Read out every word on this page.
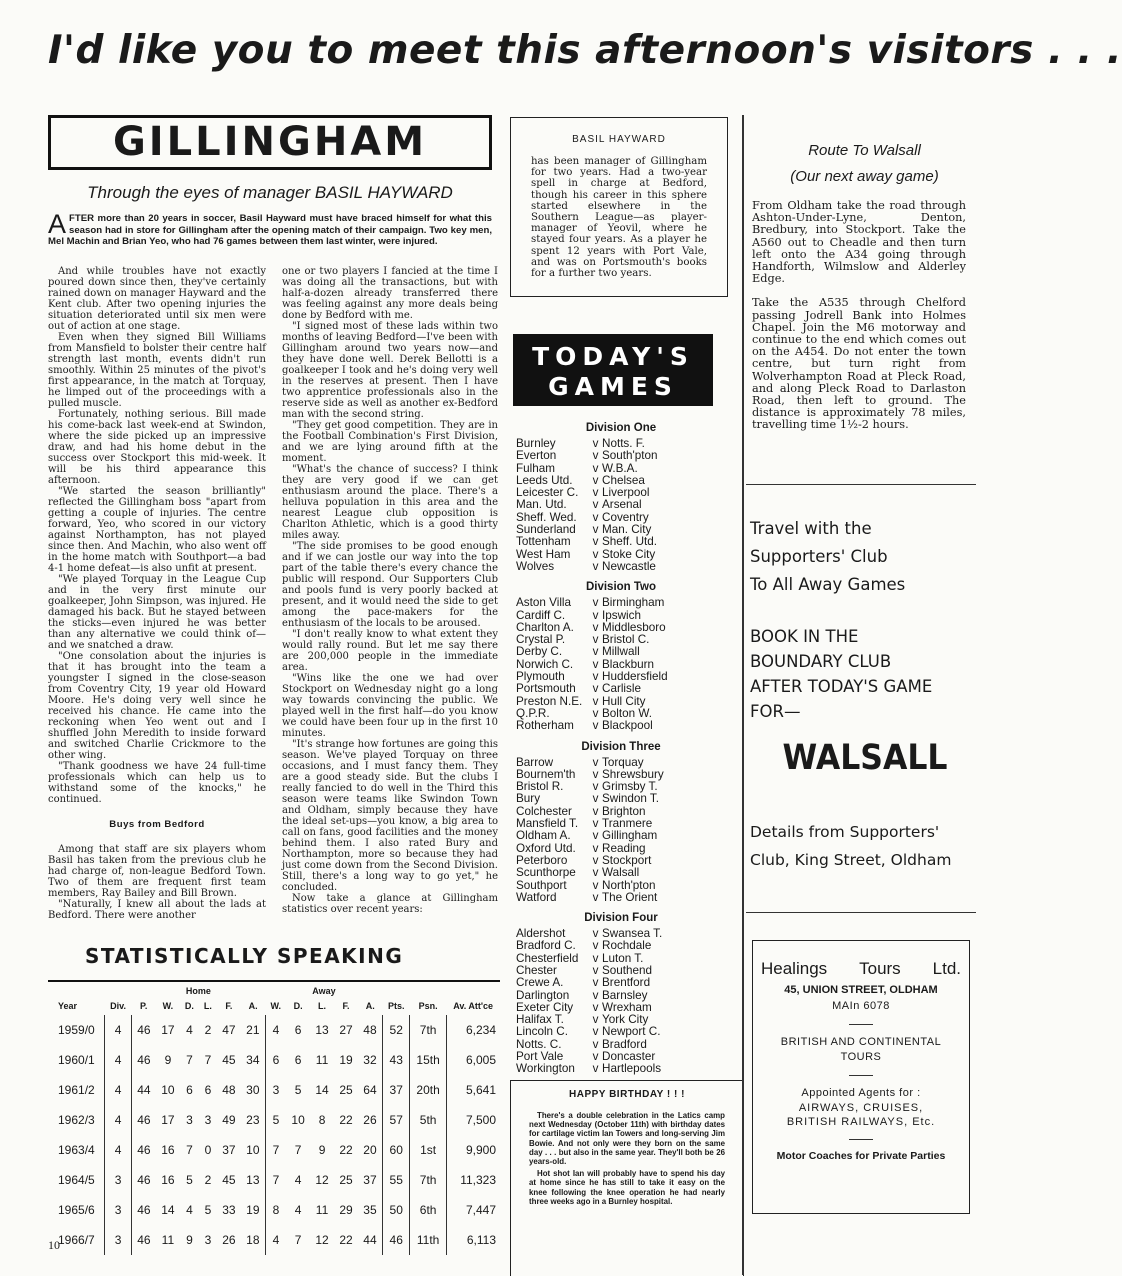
I'd like you to meet this afternoon's visitors . . .
GILLINGHAM
Through the eyes of manager BASIL HAYWARD
AFTER more than 20 years in soccer, Basil Hayward must have braced himself for what this season had in store for Gillingham after the opening match of their campaign. Two key men, Mel Machin and Brian Yeo, who had 76 games between them last winter, were injured.

And while troubles have not exactly poured down since then, they've certainly rained down on manager Hayward and the Kent club. After two opening injuries the situation deteriorated until six men were out of action at one stage.

Even when they signed Bill Williams from Mansfield to bolster their centre half strength last month, events didn't run smoothly. Within 25 minutes of the pivot's first appearance, in the match at Torquay, he limped out of the proceedings with a pulled muscle.

Fortunately, nothing serious. Bill made his come-back last week-end at Swindon, where the side picked up an impressive draw, and had his home debut in the success over Stockport this mid-week. It will be his third appearance this afternoon.

"We started the season brilliantly" reflected the Gillingham boss "apart from getting a couple of injuries. The centre forward, Yeo, who scored in our victory against Northampton, has not played since then. And Machin, who also went off in the home match with Southport—a bad 4-1 home defeat—is also unfit at present.

"We played Torquay in the League Cup and in the very first minute our goalkeeper, John Simpson, was injured. He damaged his back. But he stayed between the sticks—even injured he was better than any alternative we could think of—and we snatched a draw.

"One consolation about the injuries is that it has brought into the team a youngster I signed in the close-season from Coventry City, 19 year old Howard Moore. He's doing very well since he received his chance. He came into the reckoning when Yeo went out and I shuffled John Meredith to inside forward and switched Charlie Crickmore to the other wing.

"Thank goodness we have 24 full-time professionals which can help us to withstand some of the knocks," he continued.

Buys from Bedford

Among that staff are six players whom Basil has taken from the previous club he had charge of, non-league Bedford Town. Two of them are frequent first team members, Ray Bailey and Bill Brown.

"Naturally, I knew all about the lads at Bedford. There were another

one or two players I fancied at the time I was doing all the transactions, but with half-a-dozen already transferred there was feeling against any more deals being done by Bedford with me.

"I signed most of these lads within two months of leaving Bedford—I've been with Gillingham around two years now—and they have done well. Derek Bellotti is a goalkeeper I took and he's doing very well in the reserves at present. Then I have two apprentice professionals also in the reserve side as well as another ex-Bedford man with the second string.

"They get good competition. They are in the Football Combination's First Division, and we are lying around fifth at the moment.

"What's the chance of success? I think they are very good if we can get enthusiasm around the place. There's a helluva population in this area and the nearest League club opposition is Charlton Athletic, which is a good thirty miles away.

"The side promises to be good enough and if we can jostle our way into the top part of the table there's every chance the public will respond. Our Supporters Club and pools fund is very poorly backed at present, and it would need the side to get among the pace-makers for the enthusiasm of the locals to be aroused.

"I don't really know to what extent they would rally round. But let me say there are 200,000 people in the immediate area.

"Wins like the one we had over Stockport on Wednesday night go a long way towards convincing the public. We played well in the first half—do you know we could have been four up in the first 10 minutes.

"It's strange how fortunes are going this season. We've played Torquay on three occasions, and I must fancy them. They are a good steady side. But the clubs I really fancied to do well in the Third this season were teams like Swindon Town and Oldham, simply because they have the ideal set-ups—you know, a big area to call on fans, good facilities and the money behind them. I also rated Bury and Northampton, more so because they had just come down from the Second Division. Still, there's a long way to go yet," he concluded.

Now take a glance at Gillingham statistics over recent years:

STATISTICALLY SPEAKING
		Home						Away							
Year	Div.	P.	W.	D.	L.	F.	A.	W.	D.	L.	F.	A.	Pts.	Psn.	Av. Att'ce
1959/0	4	46	17	4	2	47	21	4	6	13	27	48	52	7th	6,234
1960/1	4	46	9	7	7	45	34	6	6	11	19	32	43	15th	6,005
1961/2	4	44	10	6	6	48	30	3	5	14	25	64	37	20th	5,641
1962/3	4	46	17	3	3	49	23	5	10	8	22	26	57	5th	7,500
1963/4	4	46	16	7	0	37	10	7	7	9	22	20	60	1st	9,900
1964/5	3	46	16	5	2	45	13	7	4	12	25	37	55	7th	11,323
1965/6	3	46	14	4	5	33	19	8	4	11	29	35	50	6th	7,447
1966/7	3	46	11	9	3	26	18	4	7	12	22	44	46	11th	6,113
10
BASIL HAYWARD
has been manager of Gillingham for two years. Had a two-year spell in charge at Bedford, though his career in this sphere started elsewhere in the Southern League—as player-manager of Yeovil, where he stayed four years. As a player he spent 12 years with Port Vale, and was on Portsmouth's books for a further two years.
TODAY'S
GAMES
Division One
Burnley	v Notts. F.
Everton	v South'pton
Fulham	v W.B.A.
Leeds Utd. v Chelsea
Leicester C. v Liverpool
Man. Utd. v Arsenal
Sheff. Wed. v Coventry
Sunderland v Man. City
Tottenham v Sheff. Utd.
West Ham v Stoke City
Wolves	v Newcastle
Division Two
Aston Villa v Birmingham
Cardiff C. v Ipswich
Charlton A. v Middlesboro
Crystal P. v Bristol C.
Derby C.	v Millwall
Norwich C. v Blackburn
Plymouth v Huddersfield
Portsmouth v Carlisle
Preston N.E. v Hull City
Q.P.R.	v Bolton W.
Rotherham v Blackpool
Division Three
Barrow	v Torquay
Bournem'th v Shrewsbury
Bristol R. v Grimsby T.
Bury	v Swindon T.
Colchester v Brighton
Mansfield T. v Tranmere
Oldham A. v Gillingham
Oxford Utd. v Reading
Peterboro v Stockport
Scunthorpe v Walsall
Southport v North'pton
Watford	v The Orient
Division Four
Aldershot v Swansea T.
Bradford C. v Rochdale
Chesterfield v Luton T.
Chester	v Southend
Crewe A. v Brentford
Darlington v Barnsley
Exeter City v Wrexham
Halifax T. v York City
Lincoln C. v Newport C.
Notts. C.	v Bradford
Port Vale	v Doncaster
Workington v Hartlepools
HAPPY BIRTHDAY ! ! !

There's a double celebration in the Latics camp next Wednesday (October 11th) with birthday dates for cartilage victim Ian Towers and long-serving Jim Bowie. And not only were they born on the same day . . . but also in the same year. They'll both be 26 years-old.

Hot shot Ian will probably have to spend his day at home since he has still to take it easy on the knee following the knee operation he had nearly three weeks ago in a Burnley hospital.

Route To Walsall
(Our next away game)

From Oldham take the road through Ashton-Under-Lyne, Denton, Bredbury, into Stockport. Take the A560 out to Cheadle and then turn left onto the A34 going through Handforth, Wilmslow and Alderley Edge.

Take the A535 through Chelford passing Jodrell Bank into Holmes Chapel. Join the M6 motorway and continue to the end which comes out on the A454. Do not enter the town centre, but turn right from Wolverhampton Road at Pleck Road, and along Pleck Road to Darlaston Road, then left to ground. The distance is approximately 78 miles, travelling time 1½-2 hours.

Travel with the
Supporters' Club
To All Away Games
BOOK IN THE
BOUNDARY CLUB
AFTER TODAY'S GAME
FOR—
WALSALL
Details from Supporters'
Club, King Street, Oldham
Healings Tours Ltd.
45, UNION STREET, OLDHAM
MAIn 6078
BRITISH AND CONTINENTAL
TOURS
Appointed Agents for :
AIRWAYS, CRUISES,
BRITISH RAILWAYS, Etc.
Motor Coaches for Private Parties
